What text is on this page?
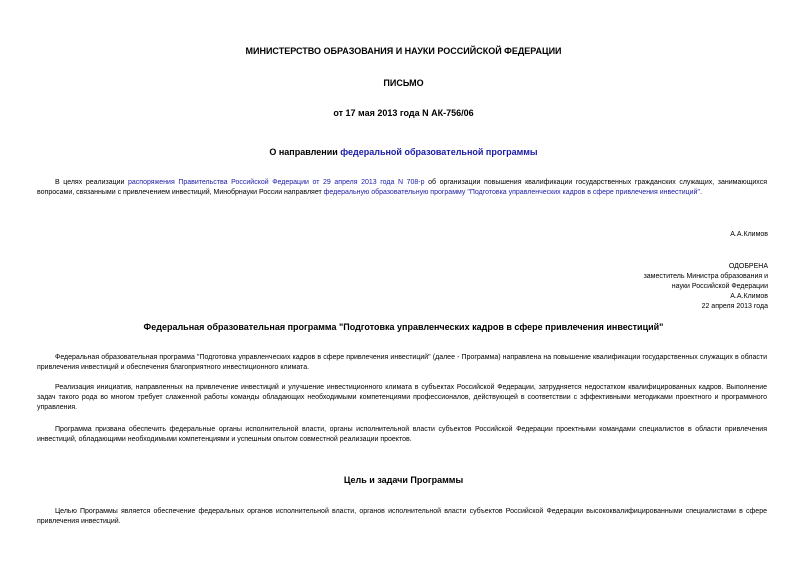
МИНИСТЕРСТВО ОБРАЗОВАНИЯ И НАУКИ РОССИЙСКОЙ ФЕДЕРАЦИИ

ПИСЬМО

от 17 мая 2013 года N АК-756/06

О направлении федеральной образовательной программы

В целях реализации распоряжения Правительства Российской Федерации от 29 апреля 2013 года N 708-р об организации повышения квалификации государственных гражданских служащих, занимающихся вопросами, связанными с привлечением инвестиций, Минобрнауки России направляет федеральную образовательную программу "Подготовка управленческих кадров в сфере привлечения инвестиций".

А.А.Климов

ОДОБРЕНА
заместитель Министра образования и
науки Российской Федерации
А.А.Климов
22 апреля 2013 года

Федеральная образовательная программа "Подготовка управленческих кадров в сфере привлечения инвестиций"

Федеральная образовательная программа "Подготовка управленческих кадров в сфере привлечения инвестиций" (далее - Программа) направлена на повышение квалификации государственных служащих в области привлечения инвестиций и обеспечения благоприятного инвестиционного климата.

Реализация инициатив, направленных на привлечение инвестиций и улучшение инвестиционного климата в субъектах Российской Федерации, затрудняется недостатком квалифицированных кадров. Выполнение задач такого рода во многом требует слаженной работы команды обладающих необходимыми компетенциями профессионалов, действующей в соответствии с эффективными методиками проектного и программного управления.

Программа призвана обеспечить федеральные органы исполнительной власти, органы исполнительной власти субъектов Российской Федерации проектными командами специалистов в области привлечения инвестиций, обладающими необходимыми компетенциями и успешным опытом совместной реализации проектов.

Цель и задачи Программы

Целью Программы является обеспечение федеральных органов исполнительной власти, органов исполнительной власти субъектов Российской Федерации высококвалифицированными специалистами в сфере привлечения инвестиций.
